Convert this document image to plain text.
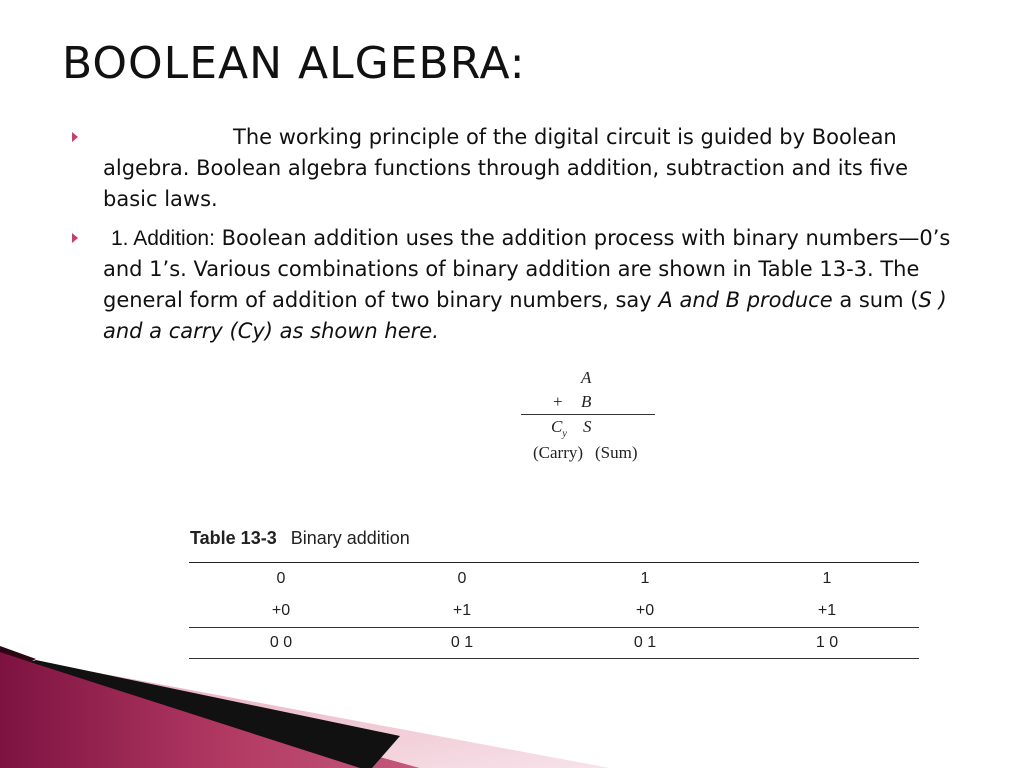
BOOLEAN ALGEBRA:
The working principle of the digital circuit is guided by Boolean algebra. Boolean algebra functions through addition, subtraction and its five basic laws.
1. Addition: Boolean addition uses the addition process with binary numbers—0’s and 1’s. Various combinations of binary addition are shown in Table 13-3. The general form of addition of two binary numbers, say A and B produce a sum (S ) and a carry (Cy) as shown here.
A
+ B
$C_y$ S
(Carry) (Sum)
Table 13-3 Binary addition
0	0	1	1
+0	+1	+0	+1
0 0	0 1	0 1	1 0
